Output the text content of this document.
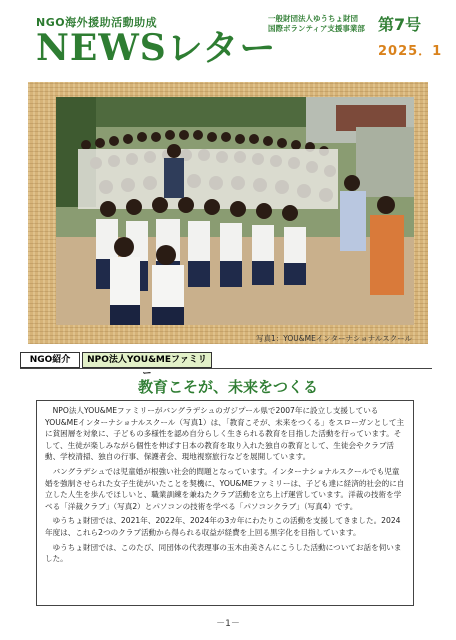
NGO海外援助活動助成
NEWSレター
一般財団法人ゆうちょ財団
国際ボランティア支援事業部 第7号
2025．1
写真1：YOU&MEインターナショナルスクール
NGO紹介	NPO法人YOU&MEファミリー
教育こそが、未来をつくる

NPO法人YOU&MEファミリーがバングラデシュのガジプール県で2007年に設立し支援しているYOU&MEインターナショナルスクール（写真1）は、「教育こそが、未来をつくる」をスローガンとして主に貧困層を対象に、子どもの多様性を認め自分らしく生きられる教育を目指した活動を行っています。そして、生徒が楽しみながら個性を伸ばす日本の教育を取り入れた独自の教育として、生徒会やクラブ活動、学校清掃、独自の行事、保護者会、現地視察旅行などを展開しています。

バングラデシュでは児童婚が根強い社会的問題となっています。インターナショナルスクールでも児童婚を強制させられた女子生徒がいたことを契機に、YOU&MEファミリーは、子ども達に経済的社会的に自立した人生を歩んでほしいと、職業訓練を兼ねたクラブ活動を立ち上げ運営しています。洋裁の技術を学べる「洋裁クラブ」（写真2）とパソコンの技術を学べる「パソコンクラブ」（写真4）です。

ゆうちょ財団では、2021年、2022年、2024年の3カ年にわたりこの活動を支援してきました。2024年度は、これら2つのクラブ活動から得られる収益が経費を上回る黒字化を目指しています。

ゆうちょ財団では、このたび、同団体の代表理事の玉木由美さんにこうした活動についてお話を伺いました。

－1－
